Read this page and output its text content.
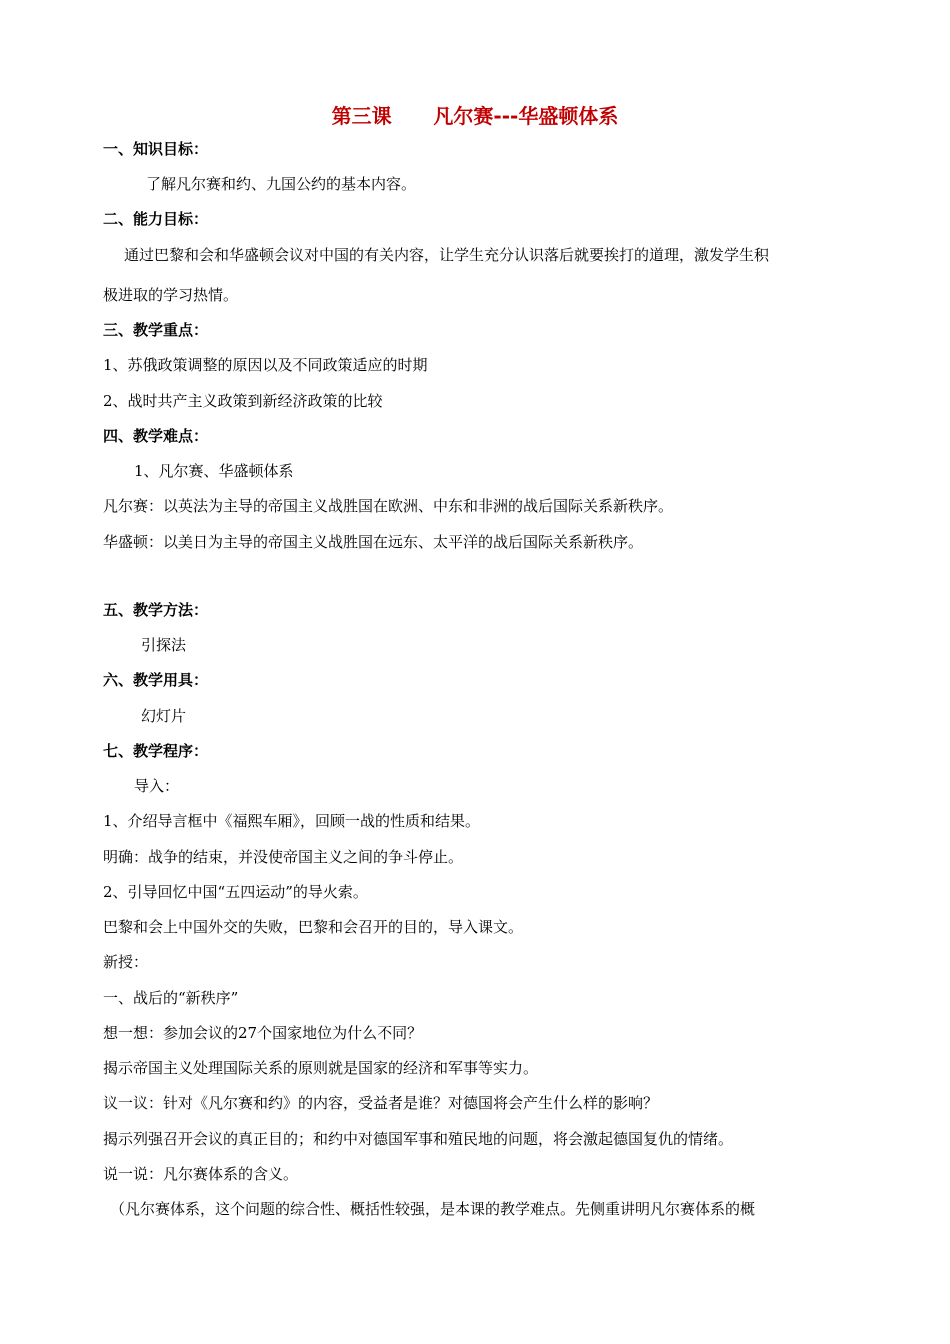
第三课      凡尔赛---华盛顿体系
一、知识目标：
了解凡尔赛和约、九国公约的基本内容。
二、能力目标：
通过巴黎和会和华盛顿会议对中国的有关内容，让学生充分认识落后就要挨打的道理，激发学生积
极进取的学习热情。
三、教学重点：
1、苏俄政策调整的原因以及不同政策适应的时期
2、战时共产主义政策到新经济政策的比较
四、教学难点：
1、凡尔赛、华盛顿体系
凡尔赛：以英法为主导的帝国主义战胜国在欧洲、中东和非洲的战后国际关系新秩序。
华盛顿：以美日为主导的帝国主义战胜国在远东、太平洋的战后国际关系新秩序。
五、教学方法：
引探法
六、教学用具：
幻灯片
七、教学程序：
导入：
1、介绍导言框中《福熙车厢》，回顾一战的性质和结果。
明确：战争的结束，并没使帝国主义之间的争斗停止。
2、引导回忆中国“五四运动”的导火索。
巴黎和会上中国外交的失败，巴黎和会召开的目的，导入课文。
新授：
一、战后的“新秩序”
想一想：参加会议的27个国家地位为什么不同？
揭示帝国主义处理国际关系的原则就是国家的经济和军事等实力。
议一议：针对《凡尔赛和约》的内容，受益者是谁？对德国将会产生什么样的影响？
揭示列强召开会议的真正目的；和约中对德国军事和殖民地的问题，将会激起德国复仇的情绪。
说一说：凡尔赛体系的含义。
（凡尔赛体系，这个问题的综合性、概括性较强，是本课的教学难点。先侧重讲明凡尔赛体系的概
